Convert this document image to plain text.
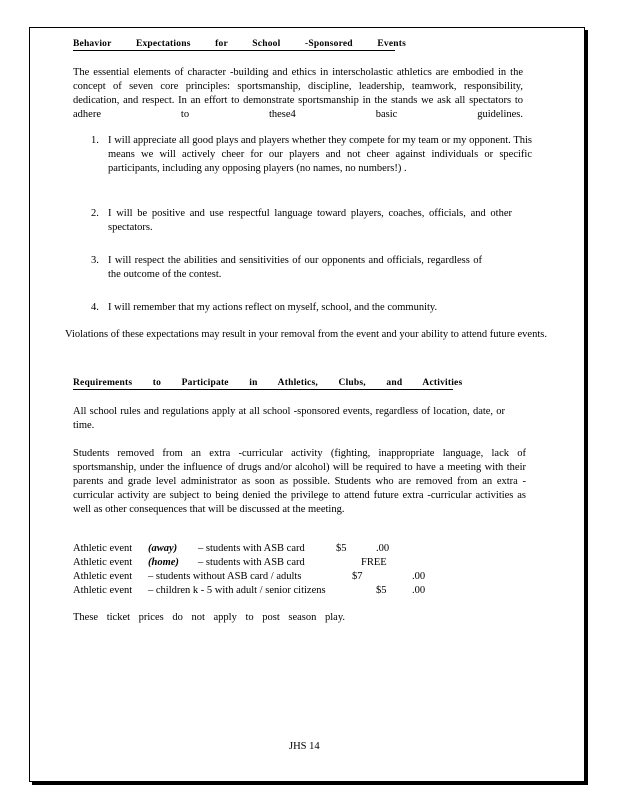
Behavior Expectations for School -Sponsored Events
The essential elements of character -building and ethics in interscholastic athletics are embodied in the concept of seven core principles: sportsmanship, discipline, leadership, teamwork, responsibility, dedication, and respect. In an effort to demonstrate sportsmanship in the stands we ask all spectators to adhere to these4 basic guidelines.
1. I will appreciate all good plays and players whether they compete for my team or my opponent. This means we will actively cheer for our players and not cheer against individuals or specific participants, including any opposing players (no names, no numbers!) .
2. I will be positive and use respectful language toward players, coaches, officials, and other spectators.
3. I will respect the abilities and sensitivities of our opponents and officials, regardless of the outcome of the contest.
4. I will remember that my actions reflect on myself, school, and the community.
Violations of these expectations may result in your removal from the event and your ability to attend future events.
Requirements to Participate in Athletics, Clubs, and Activities
All school rules and regulations apply at all school -sponsored events, regardless of location, date, or time.
Students removed from an extra -curricular activity (fighting, inappropriate language, lack of sportsmanship, under the influence of drugs and/or alcohol) will be required to have a meeting with their parents and grade level administrator as soon as possible. Students who are removed from an extra -curricular activity are subject to being denied the privilege to attend future extra -curricular activities as well as other consequences that will be discussed at the meeting.
Athletic event (away) – students with ASB card	$5	.00
Athletic event (home) – students with ASB card	FREE
Athletic event – students without ASB card / adults	$7	.00
Athletic event – children k - 5 with adult / senior citizens	$5 .00
These ticket prices do not apply to post season play.
JHS 14
